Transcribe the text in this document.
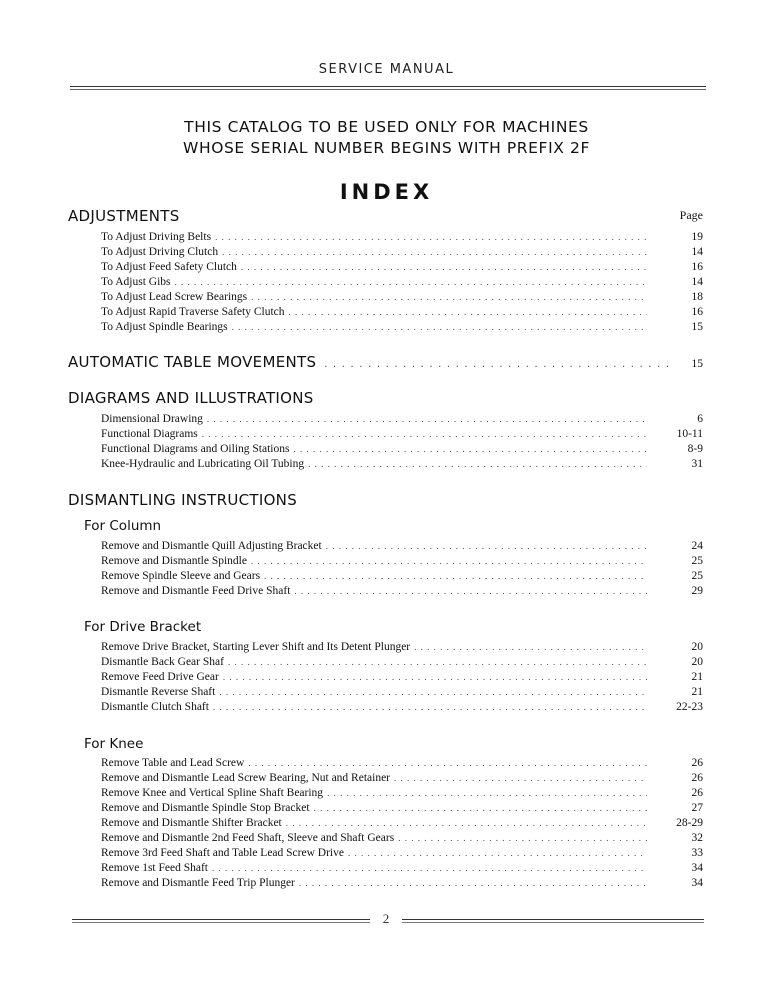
SERVICE MANUAL
THIS CATALOG TO BE USED ONLY FOR MACHINES
WHOSE SERIAL NUMBER BEGINS WITH PREFIX 2F
INDEX
ADJUSTMENTS	Page
To Adjust Driving Belts . . .	19
To Adjust Driving Clutch . . .	14
To Adjust Feed Safety Clutch . . .	16
To Adjust Gibs . . .	14
To Adjust Lead Screw Bearings . . .	18
To Adjust Rapid Traverse Safety Clutch . . .	16
To Adjust Spindle Bearings . . .	15
AUTOMATIC TABLE MOVEMENTS . . .	15
DIAGRAMS AND ILLUSTRATIONS
Dimensional Drawing . . .	6
Functional Diagrams . . .	10-11
Functional Diagrams and Oiling Stations . . .	8-9
Knee-Hydraulic and Lubricating Oil Tubing . . .	31
DISMANTLING INSTRUCTIONS
For Column
Remove and Dismantle Quill Adjusting Bracket . . .	24
Remove and Dismantle Spindle . . .	25
Remove Spindle Sleeve and Gears . . .	25
Remove and Dismantle Feed Drive Shaft . . .	29
For Drive Bracket
Remove Drive Bracket, Starting Lever Shift and Its Detent Plunger . . .	20
Dismantle Back Gear Shaf . . .	20
Remove Feed Drive Gear . . .	21
Dismantle Reverse Shaft . . .	21
Dismantle Clutch Shaft . . .	22-23
For Knee
Remove Table and Lead Screw . . .	26
Remove and Dismantle Lead Screw Bearing, Nut and Retainer . . .	26
Remove Knee and Vertical Spline Shaft Bearing . . .	26
Remove and Dismantle Spindle Stop Bracket . . .	27
Remove and Dismantle Shifter Bracket . . .	28-29
Remove and Dismantle 2nd Feed Shaft, Sleeve and Shaft Gears . . .	32
Remove 3rd Feed Shaft and Table Lead Screw Drive . . .	33
Remove 1st Feed Shaft . . .	34
Remove and Dismantle Feed Trip Plunger . . .	34
2
